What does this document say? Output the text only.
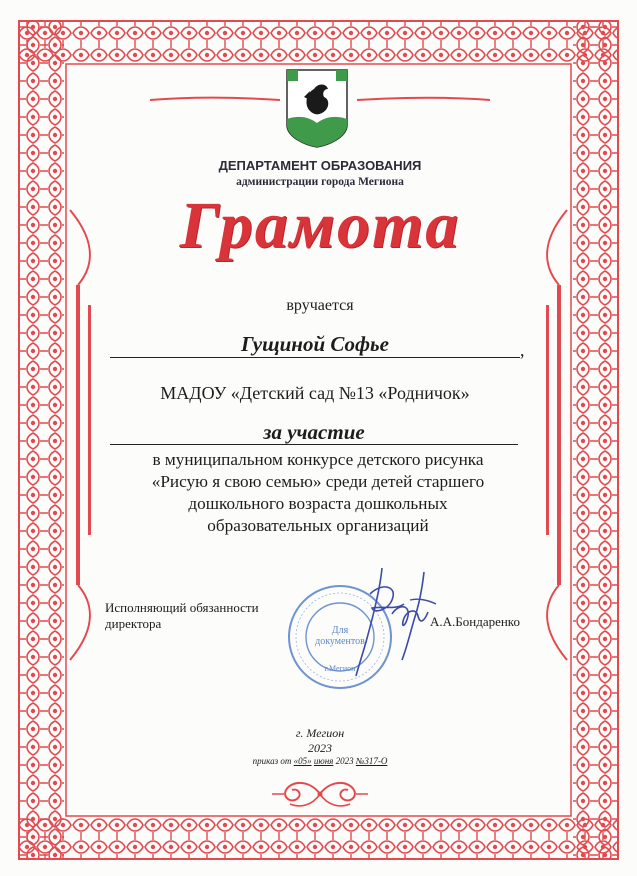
ДЕПАРТАМЕНТ ОБРАЗОВАНИЯ
администрации города Мегиона
Грамота
вручается
Гущиной Софье	,
МАДОУ «Детский сад №13 «Родничок»
за участие
в муниципальном конкурсе детского рисунка
«Рисую я свою семью» среди детей старшего
дошкольного возраста дошкольных
образовательных организаций
Исполняющий обязанности
директора	Для
документов
г.Мегион
А.А.Бондаренко
г. Мегион
2023
приказ от «05» июня 2023 №317-О
